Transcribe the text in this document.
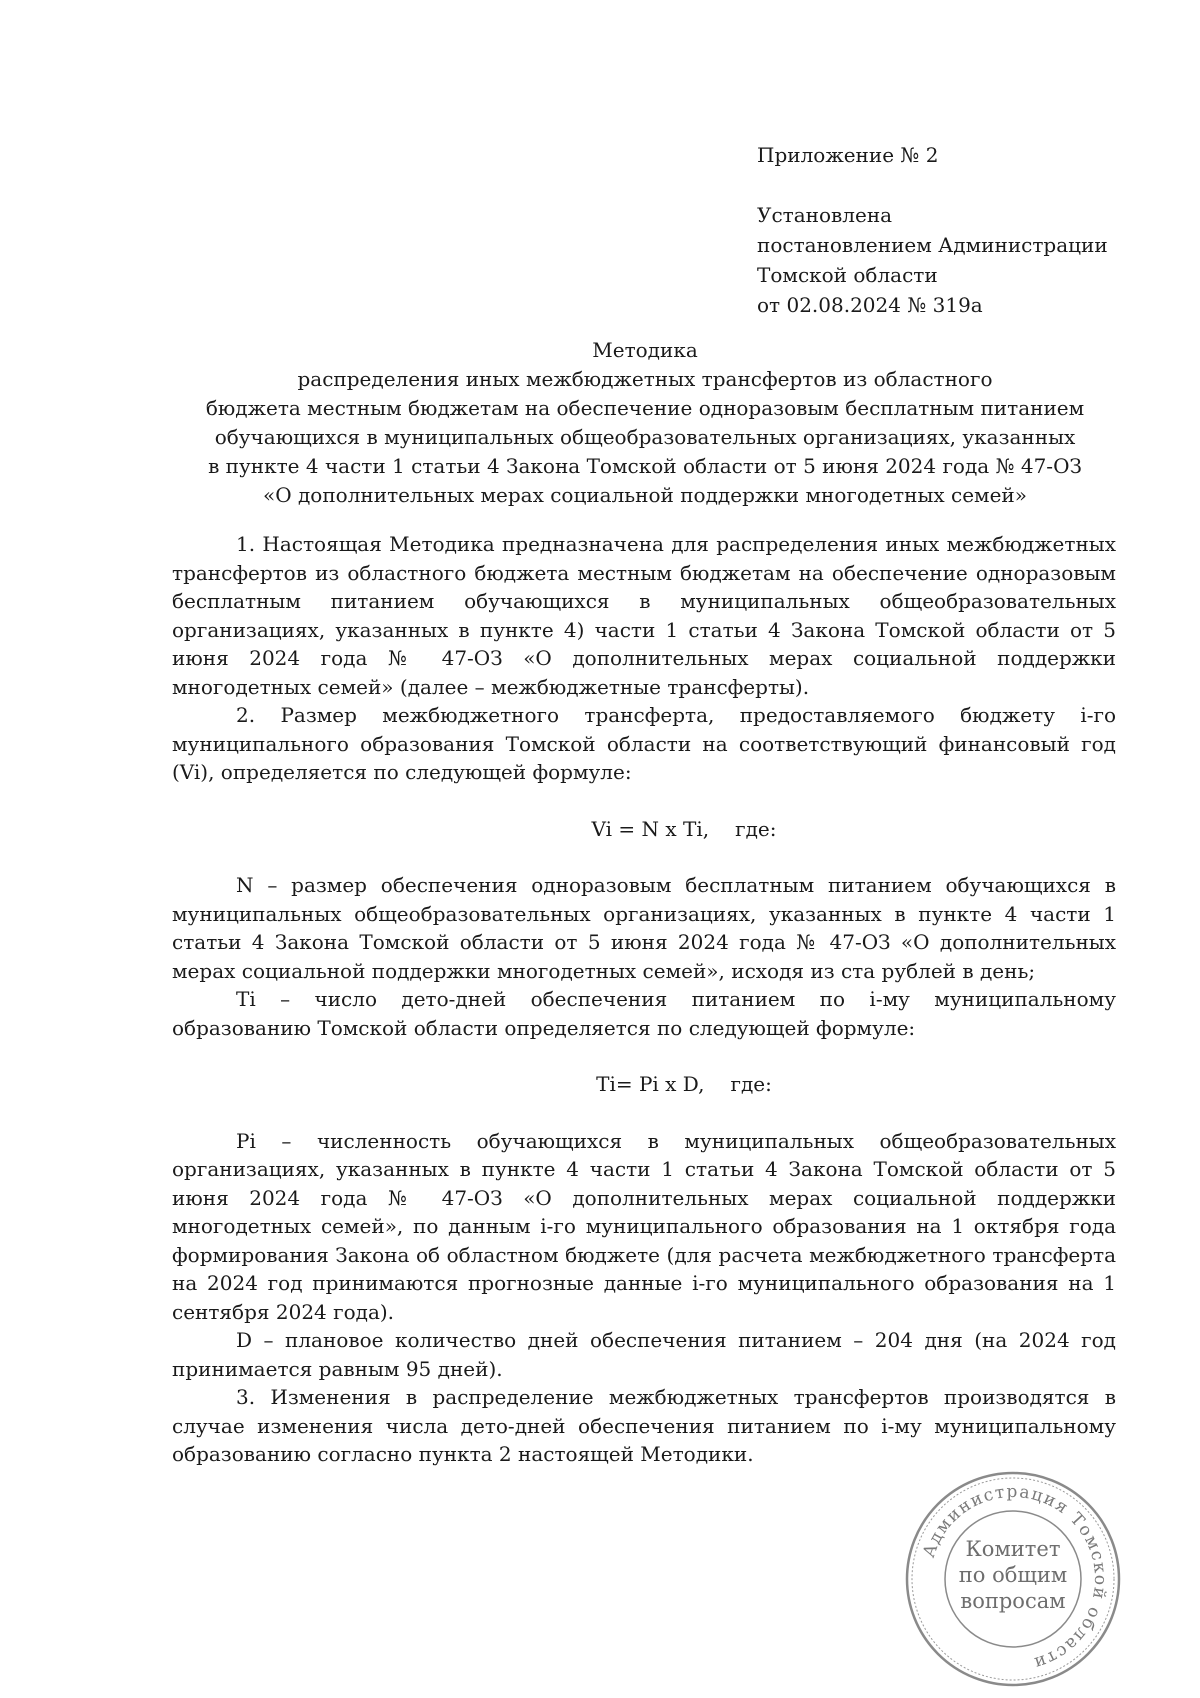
Приложение № 2
Установлена
постановлением Администрации
Томской области
от 02.08.2024 № 319а
Методика
распределения иных межбюджетных трансфертов из областного
бюджета местным бюджетам на обеспечение одноразовым бесплатным питанием
обучающихся в муниципальных общеобразовательных организациях, указанных
в пункте 4 части 1 статьи 4 Закона Томской области от 5 июня 2024 года № 47-ОЗ
«О дополнительных мерах социальной поддержки многодетных семей»

1. Настоящая Методика предназначена для распределения иных межбюджетных трансфертов из областного бюджета местным бюджетам на обеспечение одноразовым бесплатным питанием обучающихся в муниципальных общеобразовательных организациях, указанных в пункте 4) части 1 статьи 4 Закона Томской области от 5 июня 2024 года № 47-ОЗ «О дополнительных мерах социальной поддержки многодетных семей» (далее – межбюджетные трансферты).

2. Размер межбюджетного трансферта, предоставляемого бюджету i-го муниципального образования Томской области на соответствующий финансовый год (Vi), определяется по следующей формуле:

Vi = N x Ti, где:

N – размер обеспечения одноразовым бесплатным питанием обучающихся в муниципальных общеобразовательных организациях, указанных в пункте 4 части 1 статьи 4 Закона Томской области от 5 июня 2024 года № 47-ОЗ «О дополнительных мерах социальной поддержки многодетных семей», исходя из ста рублей в день;

Ti – число дето-дней обеспечения питанием по i-му муниципальному образованию Томской области определяется по следующей формуле:

Ti= Pi x D, где:

Pi – численность обучающихся в муниципальных общеобразовательных организациях, указанных в пункте 4 части 1 статьи 4 Закона Томской области от 5 июня 2024 года № 47-ОЗ «О дополнительных мерах социальной поддержки многодетных семей», по данным i-го муниципального образования на 1 октября года формирования Закона об областном бюджете (для расчета межбюджетного трансферта на 2024 год принимаются прогнозные данные i-го муниципального образования на 1 сентября 2024 года).

D – плановое количество дней обеспечения питанием – 204 дня (на 2024 год принимается равным 95 дней).

3. Изменения в распределение межбюджетных трансфертов производятся в случае изменения числа дето-дней обеспечения питанием по i-му муниципальному образованию согласно пункта 2 настоящей Методики.

Администрация Томской области
Комитет
по общим
вопросам
